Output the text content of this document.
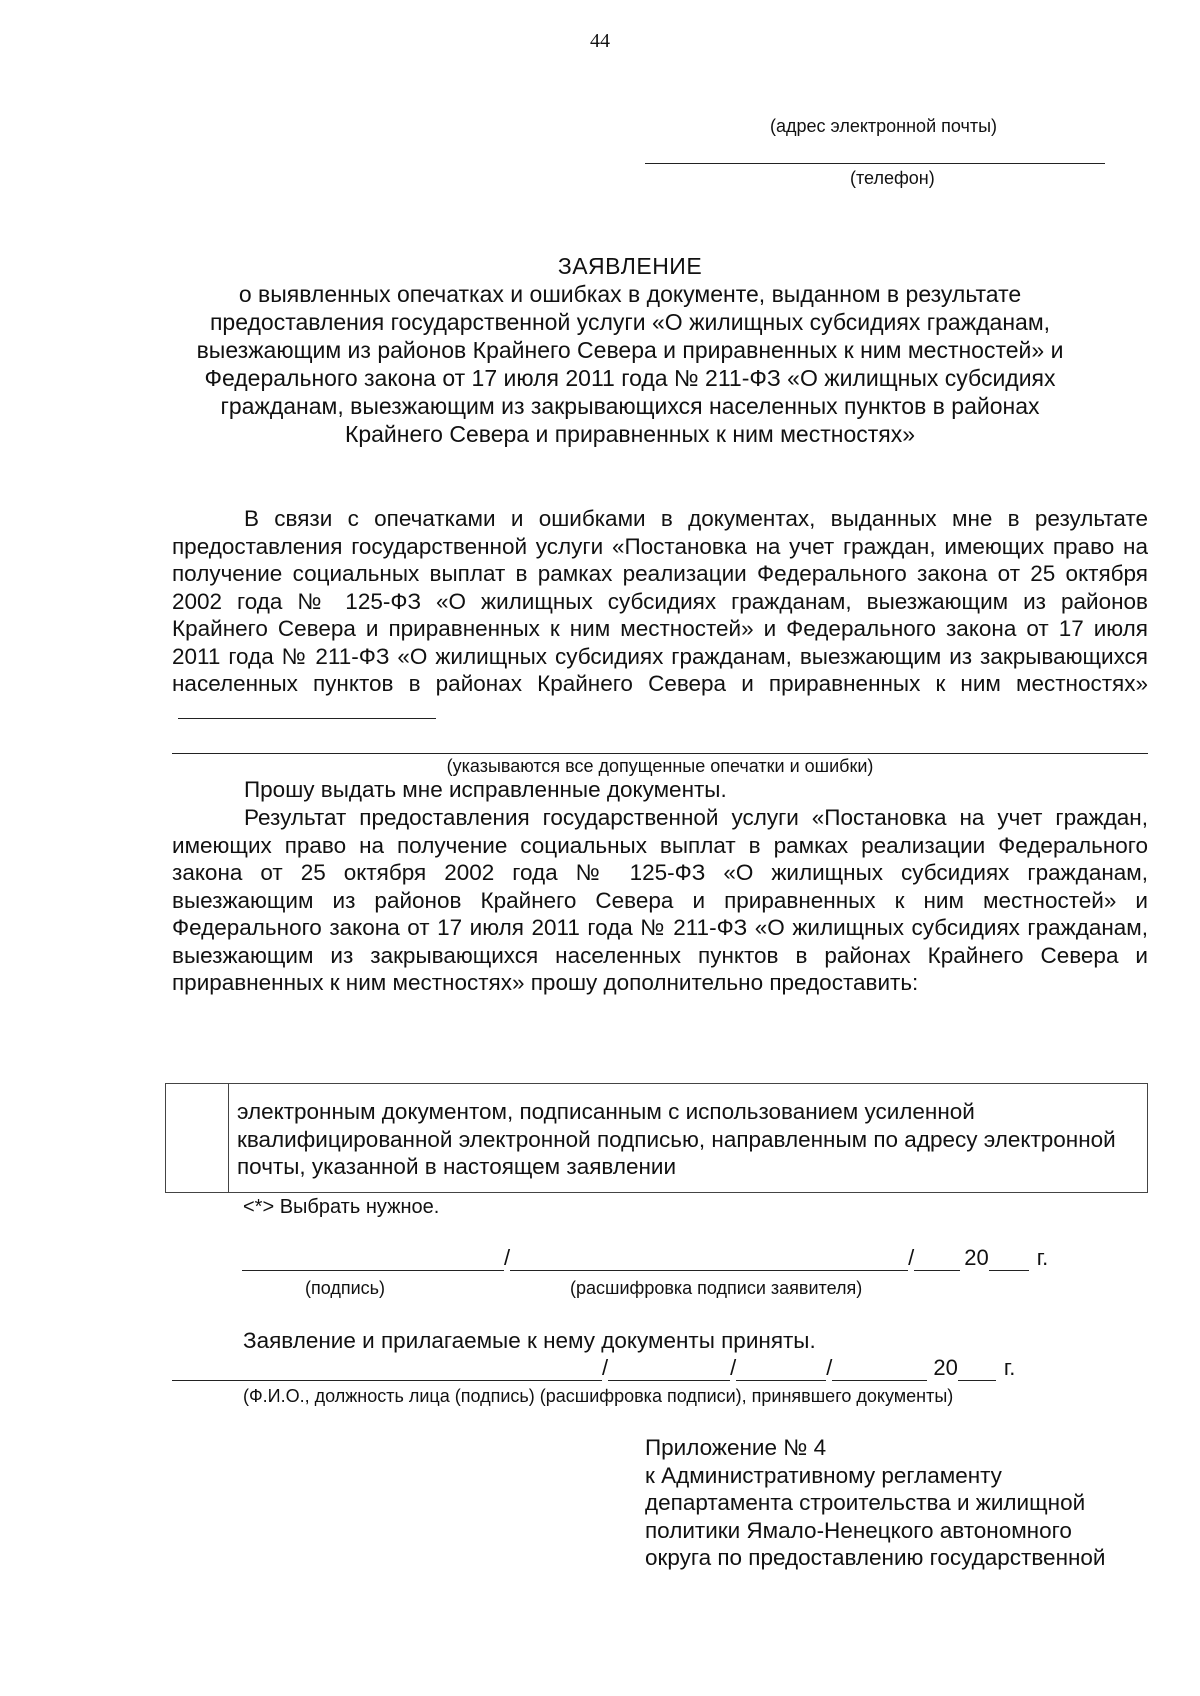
44
(адрес электронной почты)
(телефон)
ЗАЯВЛЕНИЕ
о выявленных опечатках и ошибках в документе, выданном в результате предоставления государственной услуги «О жилищных субсидиях гражданам, выезжающим из районов Крайнего Севера и приравненных к ним местностей» и Федерального закона от 17 июля 2011 года № 211-ФЗ «О жилищных субсидиях гражданам, выезжающим из закрывающихся населенных пунктов в районах Крайнего Севера и приравненных к ним местностях»
В связи с опечатками и ошибками в документах, выданных мне в результате предоставления государственной услуги «Постановка на учет граждан, имеющих право на получение социальных выплат в рамках реализации Федерального закона от 25 октября 2002 года № 125-ФЗ «О жилищных субсидиях гражданам, выезжающим из районов Крайнего Севера и приравненных к ним местностей» и Федерального закона от 17 июля 2011 года № 211-ФЗ «О жилищных субсидиях гражданам, выезжающим из закрывающихся населенных пунктов в районах Крайнего Севера и приравненных к ним местностях»
(указываются все допущенные опечатки и ошибки)
Прошу выдать мне исправленные документы.
Результат предоставления государственной услуги «Постановка на учет граждан, имеющих право на получение социальных выплат в рамках реализации Федерального закона от 25 октября 2002 года № 125-ФЗ «О жилищных субсидиях гражданам, выезжающим из районов Крайнего Севера и приравненных к ним местностей» и Федерального закона от 17 июля 2011 года № 211-ФЗ «О жилищных субсидиях гражданам, выезжающим из закрывающихся населенных пунктов в районах Крайнего Севера и приравненных к ним местностях» прошу дополнительно предоставить:
электронным документом, подписанным с использованием усиленной квалифицированной электронной подписью, направленным по адресу электронной почты, указанной в настоящем заявлении
<*> Выбрать нужное.
/	/ 20 г.
(подпись)	(расшифровка подписи заявителя)
Заявление и прилагаемые к нему документы приняты.
/	/	/	20 г.
(Ф.И.О., должность лица (подпись) (расшифровка подписи), принявшего документы)
Приложение № 4
к Административному регламенту
департамента строительства и жилищной
политики Ямало-Ненецкого автономного
округа по предоставлению государственной
